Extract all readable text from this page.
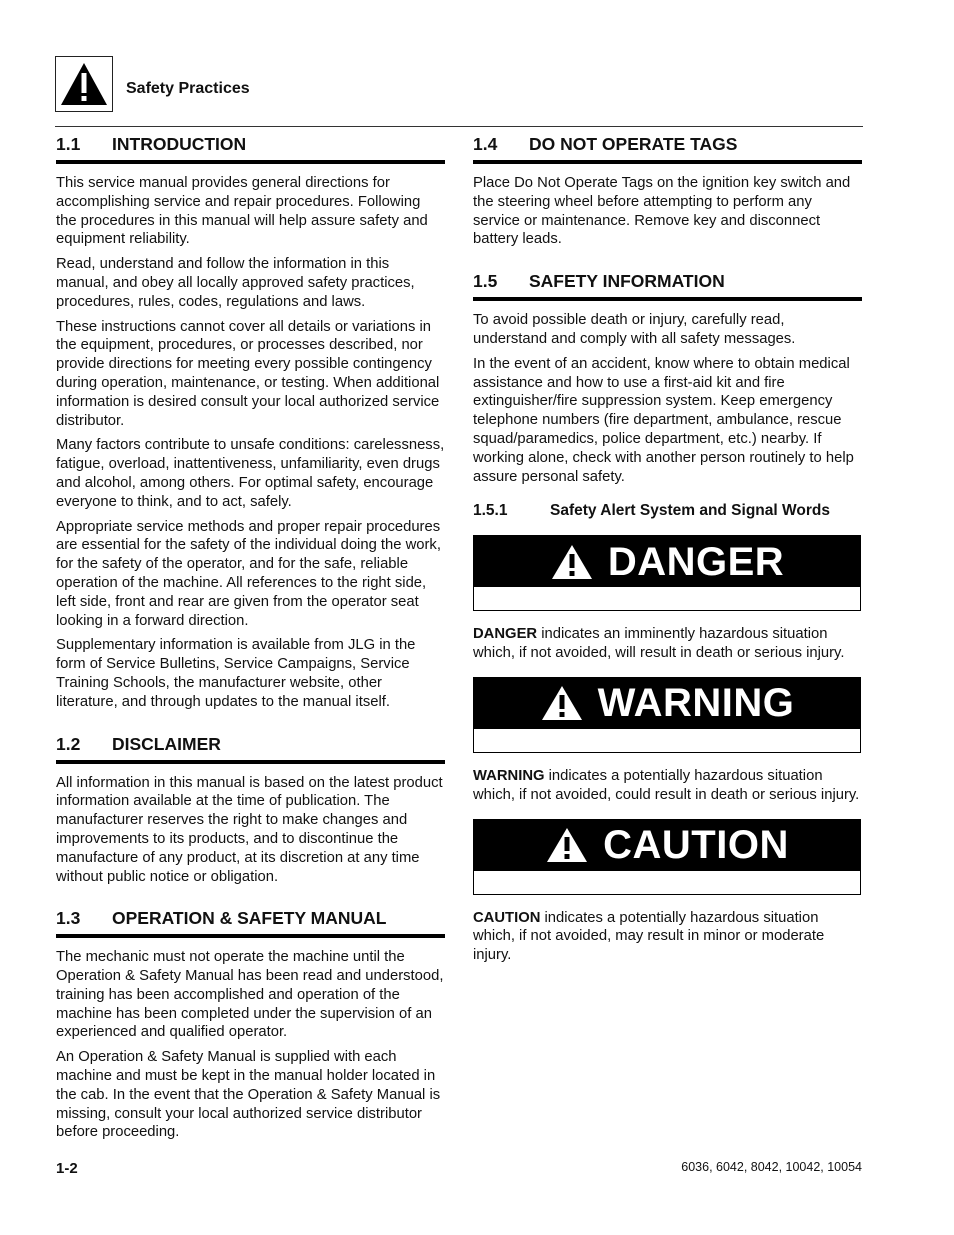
Safety Practices
1.1	INTRODUCTION

This service manual provides general directions for accomplishing service and repair procedures. Following the procedures in this manual will help assure safety and equipment reliability.

Read, understand and follow the information in this manual, and obey all locally approved safety practices, procedures, rules, codes, regulations and laws.

These instructions cannot cover all details or variations in the equipment, procedures, or processes described, nor provide directions for meeting every possible contingency during operation, maintenance, or testing. When additional information is desired consult your local authorized service distributor.

Many factors contribute to unsafe conditions: carelessness, fatigue, overload, inattentiveness, unfamiliarity, even drugs and alcohol, among others. For optimal safety, encourage everyone to think, and to act, safely.

Appropriate service methods and proper repair procedures are essential for the safety of the individual doing the work, for the safety of the operator, and for the safe, reliable operation of the machine. All references to the right side, left side, front and rear are given from the operator seat looking in a forward direction.

Supplementary information is available from JLG in the form of Service Bulletins, Service Campaigns, Service Training Schools, the manufacturer website, other literature, and through updates to the manual itself.

1.2	DISCLAIMER

All information in this manual is based on the latest product information available at the time of publication. The manufacturer reserves the right to make changes and improvements to its products, and to discontinue the manufacture of any product, at its discretion at any time without public notice or obligation.

1.3	OPERATION & SAFETY MANUAL

The mechanic must not operate the machine until the Operation & Safety Manual has been read and understood, training has been accomplished and operation of the machine has been completed under the supervision of an experienced and qualified operator.

An Operation & Safety Manual is supplied with each machine and must be kept in the manual holder located in the cab. In the event that the Operation & Safety Manual is missing, consult your local authorized service distributor before proceeding.

1.4	DO NOT OPERATE TAGS

Place Do Not Operate Tags on the ignition key switch and the steering wheel before attempting to perform any service or maintenance. Remove key and disconnect battery leads.

1.5	SAFETY INFORMATION

To avoid possible death or injury, carefully read, understand and comply with all safety messages.

In the event of an accident, know where to obtain medical assistance and how to use a first-aid kit and fire extinguisher/fire suppression system. Keep emergency telephone numbers (fire department, ambulance, rescue squad/paramedics, police department, etc.) nearby. If working alone, check with another person routinely to help assure personal safety.

1.5.1	Safety Alert System and Signal Words
DANGER

DANGER indicates an imminently hazardous situation which, if not avoided, will result in death or serious injury.

WARNING

WARNING indicates a potentially hazardous situation which, if not avoided, could result in death or serious injury.

CAUTION

CAUTION indicates a potentially hazardous situation which, if not avoided, may result in minor or moderate injury.

1-2	6036, 6042, 8042, 10042, 10054
